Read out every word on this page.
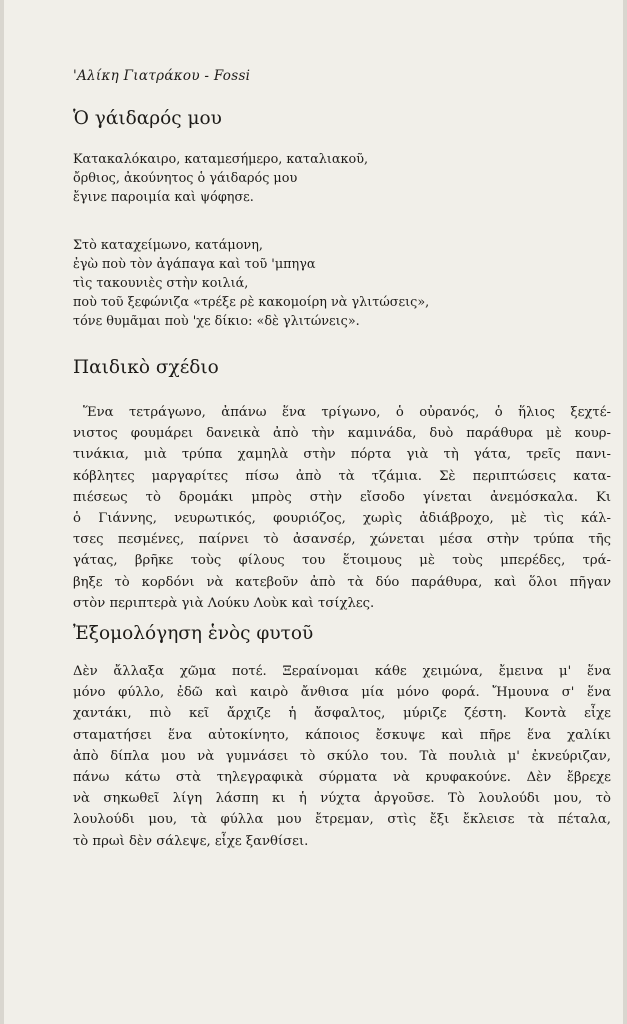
'Αλίκη Γιατράκου - Fossi
Ὁ γάιδαρός μου
Κατακαλόκαιρο, καταμεσήμερο, καταλιακοῦ,
ὄρθιος, ἀκούνητος ὁ γάιδαρός μου
ἔγινε παροιμία καὶ ψόφησε.
Στὸ καταχείμωνο, κατάμονη,
ἐγὼ ποὺ τὸν ἀγάπαγα καὶ τοῦ 'μπηγα
τὶς τακουνιὲς στὴν κοιλιά,
ποὺ τοῦ ξεφώνιζα «τρέξε ρὲ κακομοίρη νὰ γλιτώσεις»,
τόνε θυμᾶμαι ποὺ 'χε δίκιο: «δὲ γλιτώνεις».
Παιδικὸ σχέδιο
Ἕνα τετράγωνο, ἀπάνω ἕνα τρίγωνο, ὁ οὐρανός, ὁ ἥλιος ξεχτέ-
νιστος φουμάρει δανεικὰ ἀπὸ τὴν καμινάδα, δυὸ παράθυρα μὲ κουρ-
τινάκια, μιὰ τρύπα χαμηλὰ στὴν πόρτα γιὰ τὴ γάτα, τρεῖς πανι-
κόβλητες μαργαρίτες πίσω ἀπὸ τὰ τζάμια. Σὲ περιπτώσεις κατα-
πιέσεως τὸ δρομάκι μπρὸς στὴν εἴσοδο γίνεται ἀνεμόσκαλα. Κι
ὁ Γιάννης, νευρωτικός, φουριόζος, χωρὶς ἀδιάβροχο, μὲ τὶς κάλ-
τσες πεσμένες, παίρνει τὸ ἀσανσέρ, χώνεται μέσα στὴν τρύπα τῆς
γάτας, βρῆκε τοὺς φίλους του ἕτοιμους μὲ τοὺς μπερέδες, τρά-
βηξε τὸ κορδόνι νὰ κατεβοῦν ἀπὸ τὰ δύο παράθυρα, καὶ ὅλοι πῆγαν
στὸν περιπτερὰ γιὰ Λούκυ Λοὺκ καὶ τσίχλες.
Ἐξομολόγηση ἑνὸς φυτοῦ
Δὲν ἄλλαξα χῶμα ποτέ. Ξεραίνομαι κάθε χειμώνα, ἔμεινα μ' ἕνα
μόνο φύλλο, ἐδῶ καὶ καιρὸ ἄνθισα μία μόνο φορά. Ἤμουνα σ' ἕνα
χαντάκι, πιὸ κεῖ ἄρχιζε ἡ ἄσφαλτος, μύριζε ζέστη. Κοντὰ εἶχε
σταματήσει ἕνα αὐτοκίνητο, κάποιος ἔσκυψε καὶ πῆρε ἕνα χαλίκι
ἀπὸ δίπλα μου νὰ γυμνάσει τὸ σκύλο του. Τὰ πουλιὰ μ' ἐκνεύριζαν,
πάνω κάτω στὰ τηλεγραφικὰ σύρματα νὰ κρυφακούνε. Δὲν ἔβρεχε
νὰ σηκωθεῖ λίγη λάσπη κι ἡ νύχτα ἀργοῦσε. Τὸ λουλούδι μου, τὸ
λουλούδι μου, τὰ φύλλα μου ἔτρεμαν, στὶς ἔξι ἔκλεισε τὰ πέταλα,
τὸ πρωὶ δὲν σάλεψε, εἶχε ξανθίσει.
